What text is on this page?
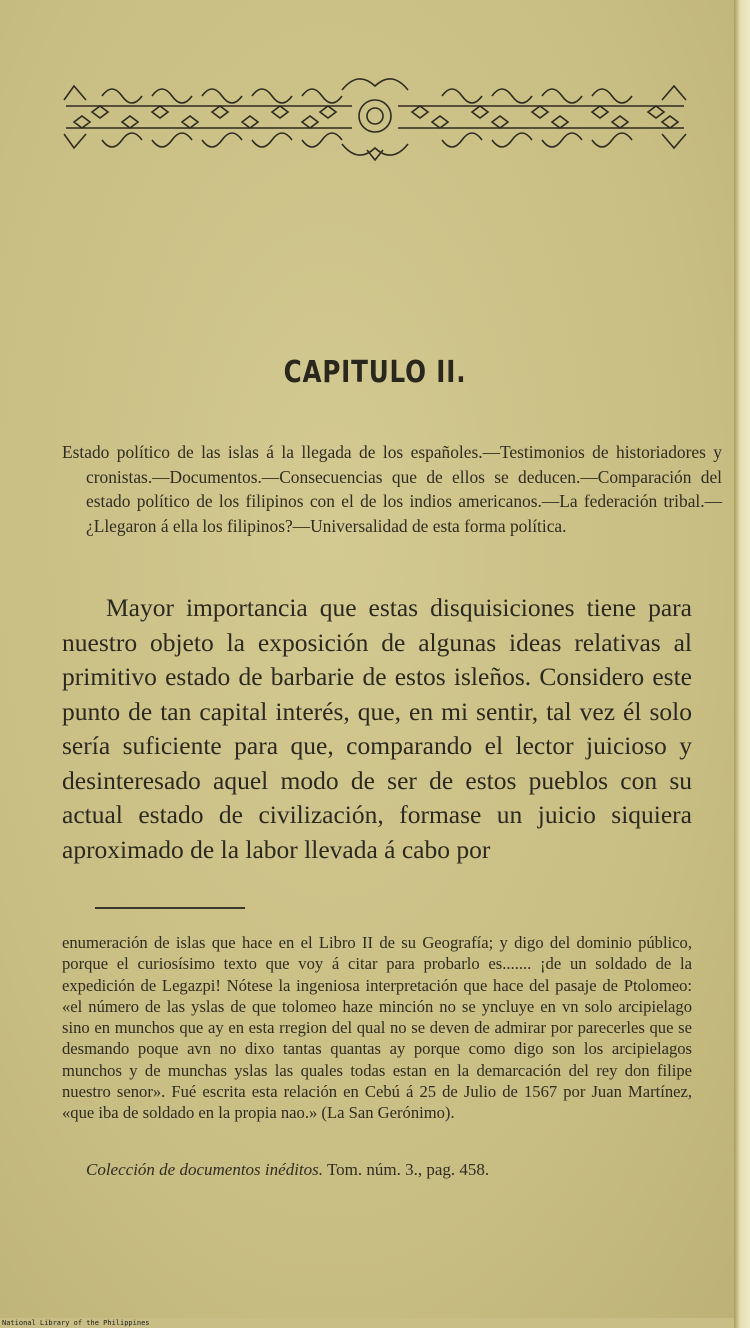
CAPITULO II.

Estado político de las islas á la llegada de los españoles.—Testimonios de historiadores y cronistas.—Documentos.—Consecuencias que de ellos se deducen.—Comparación del estado político de los filipinos con el de los indios americanos.—La federación tribal.—¿Llegaron á ella los filipinos?—Universalidad de esta forma política.

Mayor importancia que estas disquisiciones tiene para nuestro objeto la exposición de algunas ideas relativas al primitivo estado de barbarie de estos isleños. Considero este punto de tan capital interés, que, en mi sentir, tal vez él solo sería suficiente para que, comparando el lector juicioso y desinteresado aquel modo de ser de estos pueblos con su actual estado de civilización, formase un juicio siquiera aproximado de la labor llevada á cabo por

enumeración de islas que hace en el Libro II de su Geografía; y digo del dominio público, porque el curiosísimo texto que voy á citar para probarlo es....... ¡de un soldado de la expedición de Legazpi! Nótese la ingeniosa interpretación que hace del pasaje de Ptolomeo: «el número de las yslas de que tolomeo haze minción no se yncluye en vn solo arcipielago sino en munchos que ay en esta rregion del qual no se deven de admirar por parecerles que se desmando poque avn no dixo tantas quantas ay porque como digo son los arcipielagos munchos y de munchas yslas las quales todas estan en la demarcación del rey don filipe nuestro senor». Fué escrita esta relación en Cebú á 25 de Julio de 1567 por Juan Martínez, «que iba de soldado en la propia nao.» (La San Gerónimo).

Colección de documentos inéditos. Tom. núm. 3., pag. 458.

National Library of the Philippines
